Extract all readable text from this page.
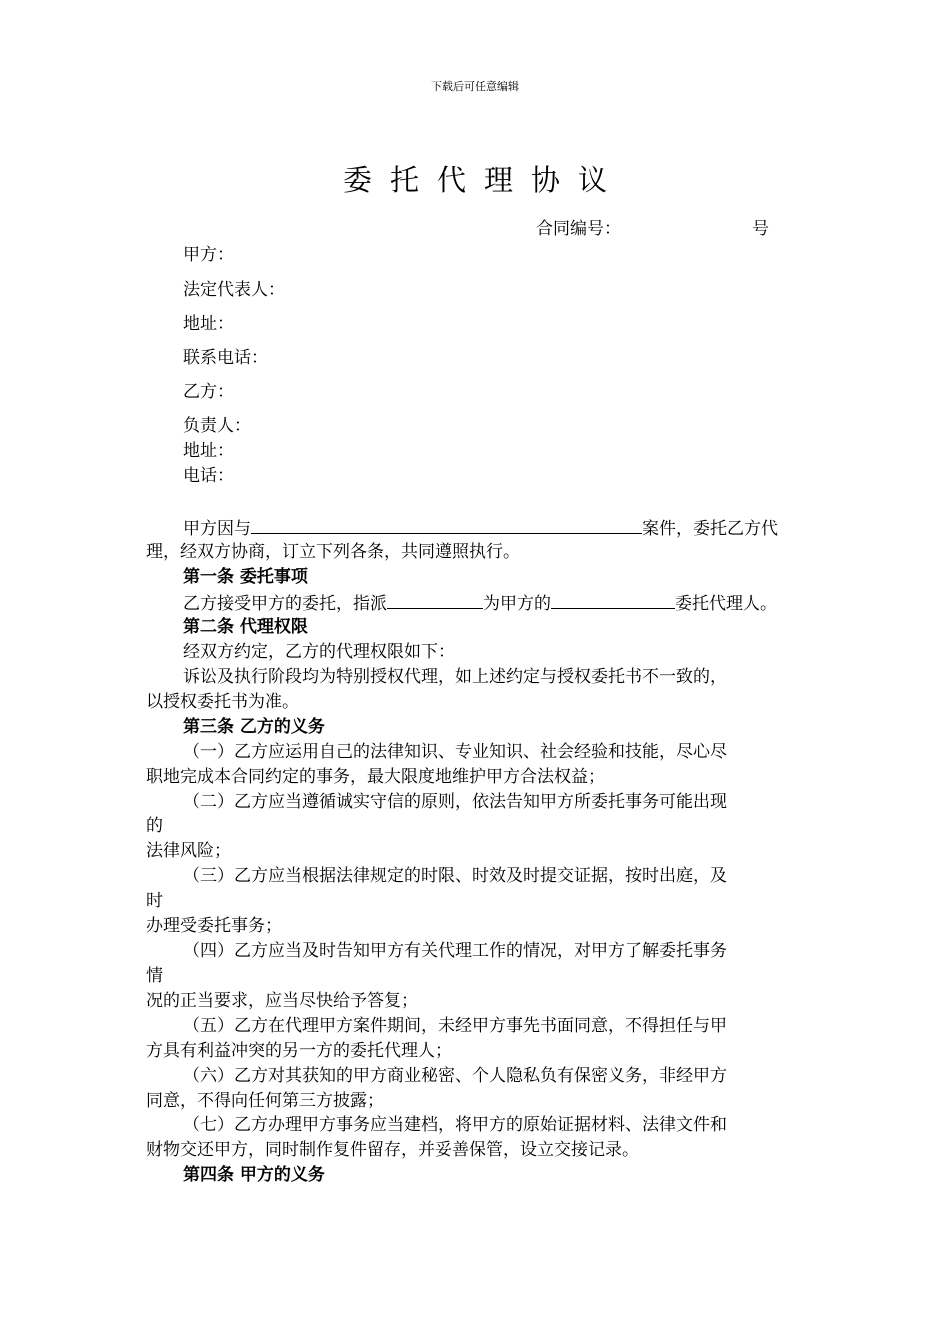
下载后可任意编辑
委托代理协议
合同编号：	号
甲方：
法定代表人：
地址：
联系电话：
乙方：
负责人：
地址：
电话：
甲方因与	案件，委托乙方代
理，经双方协商，订立下列各条，共同遵照执行。
第一条 委托事项
乙方接受甲方的委托，指派	为甲方的	委托代理人。
第二条 代理权限
经双方约定，乙方的代理权限如下：
诉讼及执行阶段均为特别授权代理，如上述约定与授权委托书不一致的，
以授权委托书为准。
第三条 乙方的义务
（一）乙方应运用自己的法律知识、专业知识、社会经验和技能，尽心尽
职地完成本合同约定的事务，最大限度地维护甲方合法权益；
（二）乙方应当遵循诚实守信的原则，依法告知甲方所委托事务可能出现
的
法律风险；
（三）乙方应当根据法律规定的时限、时效及时提交证据，按时出庭，及
时
办理受委托事务；
（四）乙方应当及时告知甲方有关代理工作的情况，对甲方了解委托事务
情
况的正当要求，应当尽快给予答复；
（五）乙方在代理甲方案件期间，未经甲方事先书面同意，不得担任与甲
方具有利益冲突的另一方的委托代理人；
（六）乙方对其获知的甲方商业秘密、个人隐私负有保密义务，非经甲方
同意，不得向任何第三方披露；
（七）乙方办理甲方事务应当建档，将甲方的原始证据材料、法律文件和
财物交还甲方，同时制作复件留存，并妥善保管，设立交接记录。
第四条 甲方的义务
